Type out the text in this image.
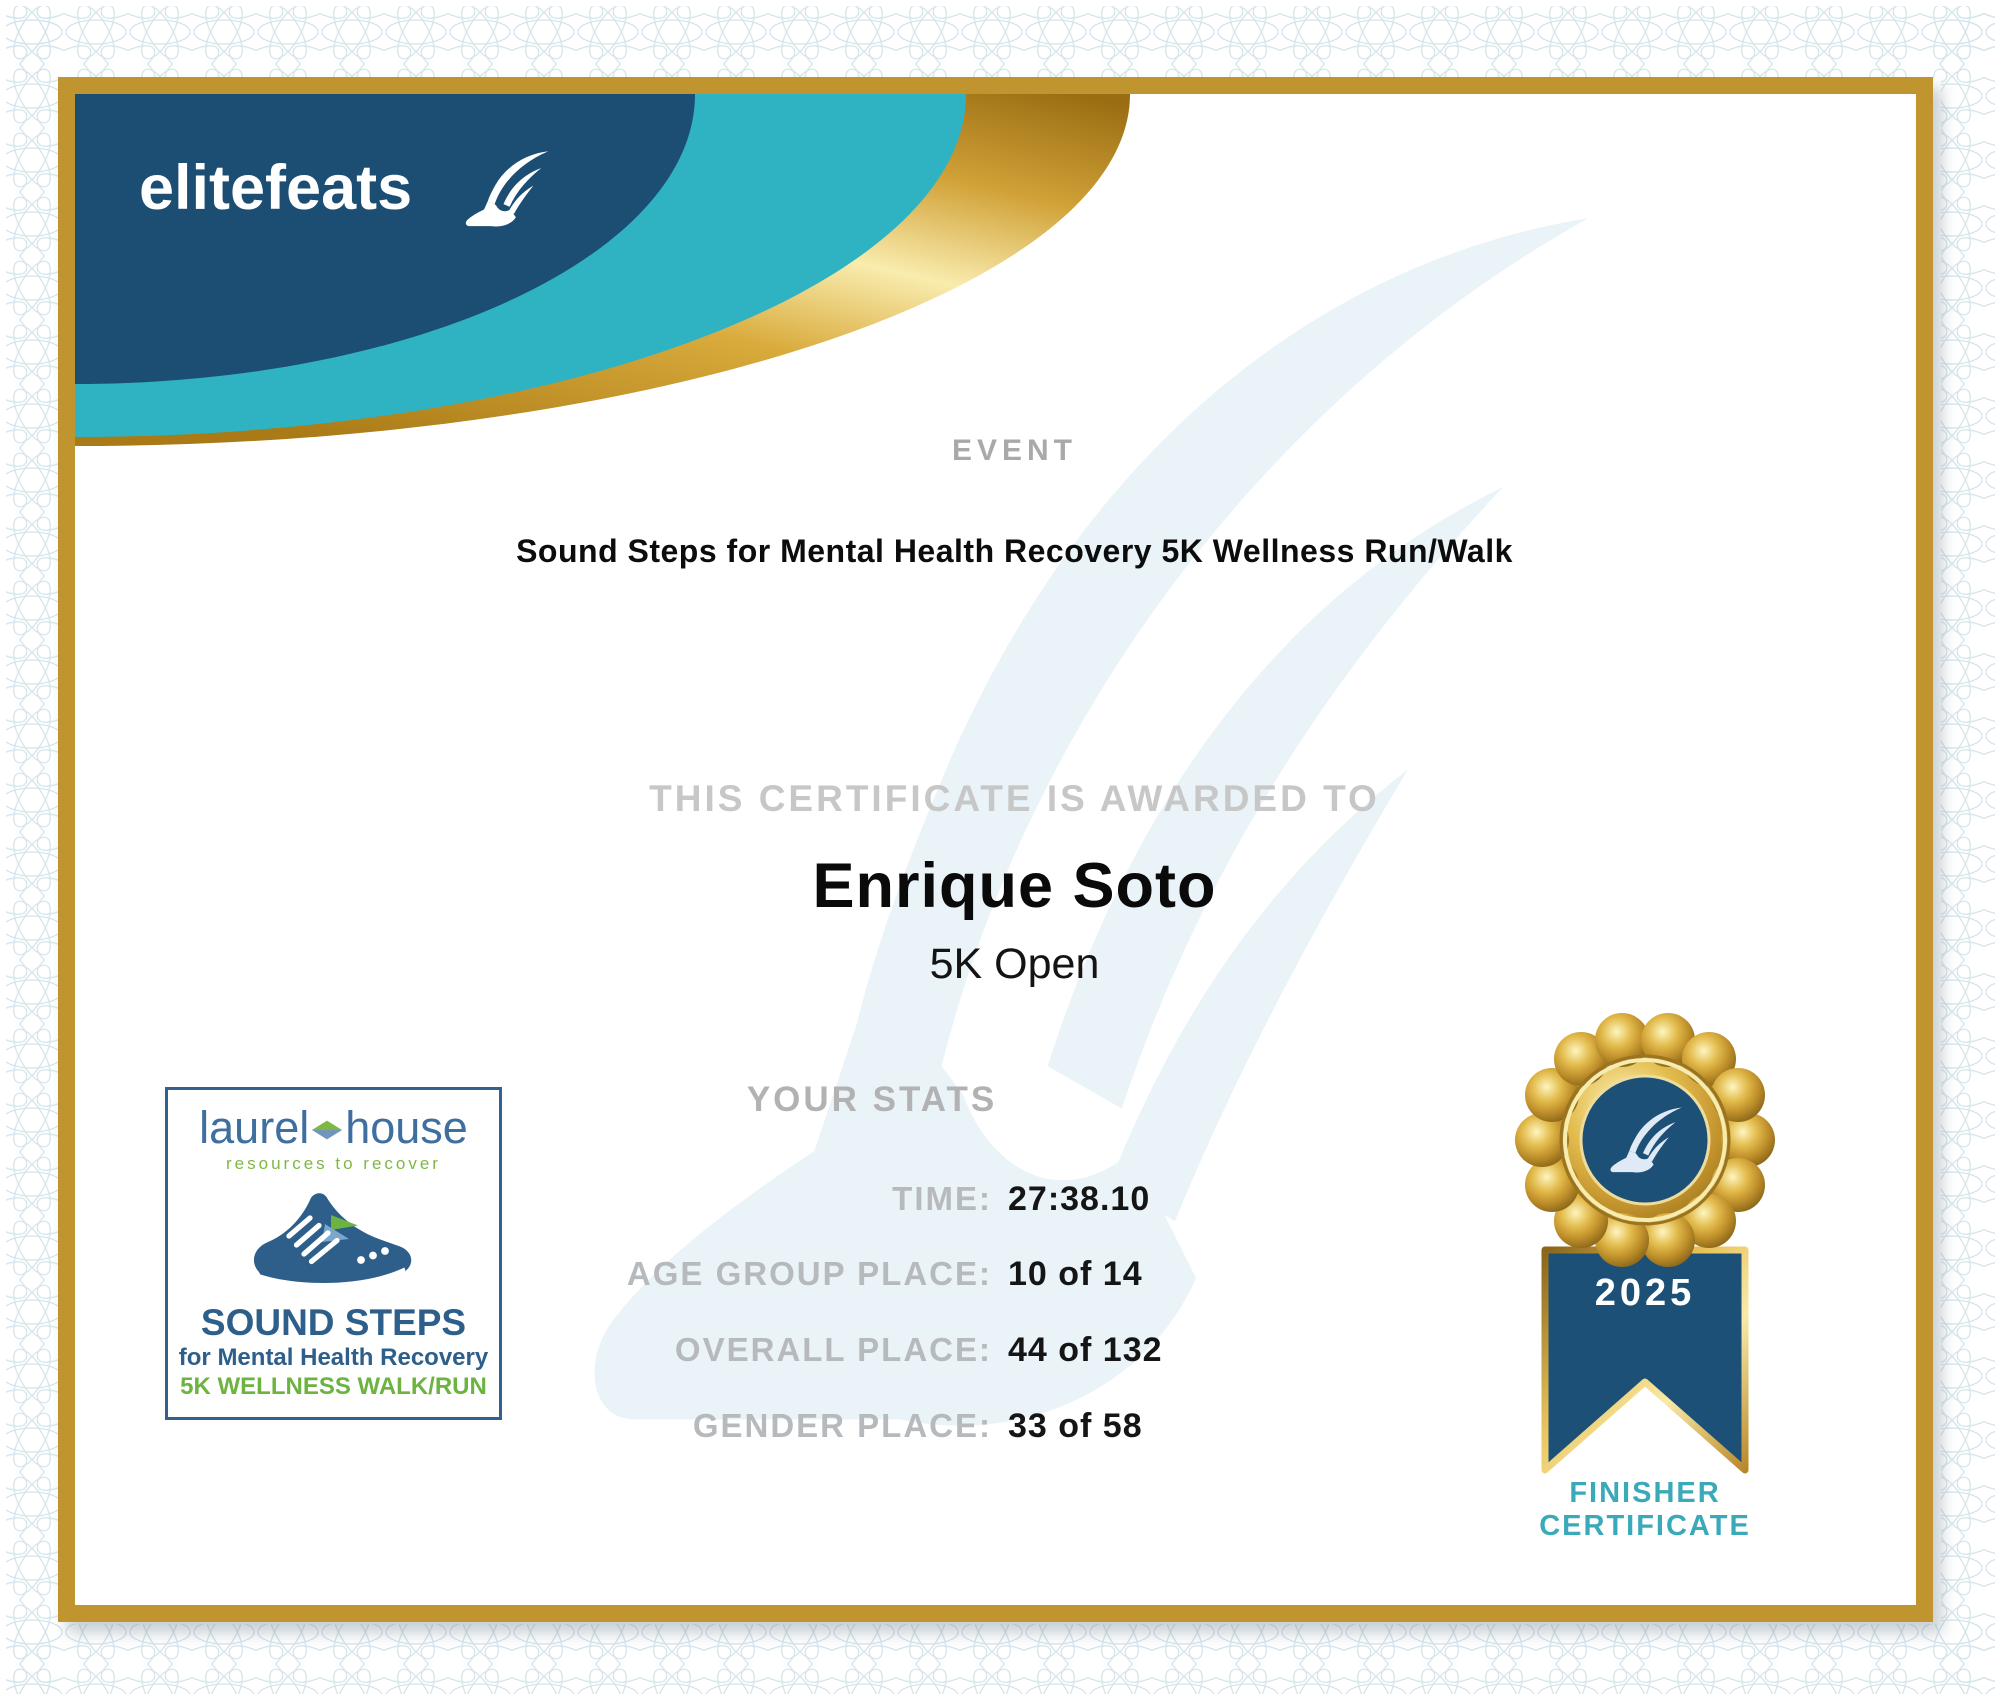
elitefeats
EVENT
Sound Steps for Mental Health Recovery 5K Wellness Run/Walk
THIS CERTIFICATE IS AWARDED TO
Enrique Soto
5K Open
YOUR STATS
TIME: 27:38.10
AGE GROUP PLACE: 10 of 14
OVERALL PLACE: 44 of 132
GENDER PLACE: 33 of 58
laurel house
resources to recover
SOUND STEPS
for Mental Health Recovery
5K WELLNESS WALK/RUN
2025
FINISHER
CERTIFICATE
